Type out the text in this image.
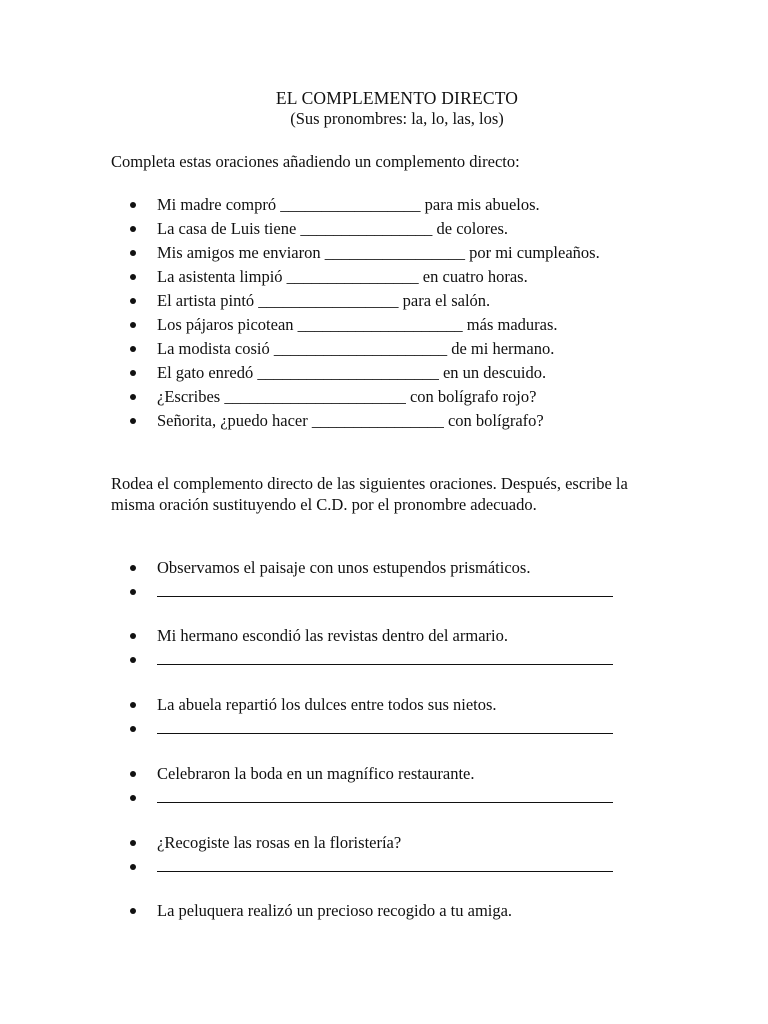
EL COMPLEMENTO DIRECTO
(Sus pronombres: la, lo, las, los)
Completa estas oraciones añadiendo un complemento directo:
Mi madre compró _________________ para mis abuelos.
La casa de Luis tiene ________________ de colores.
Mis amigos me enviaron _________________ por mi cumpleaños.
La asistenta limpió ________________ en cuatro horas.
El artista pintó _________________ para el salón.
Los pájaros picotean ____________________ más maduras.
La modista cosió _____________________ de mi hermano.
El gato enredó ______________________ en un descuido.
¿Escribes ______________________ con bolígrafo rojo?
Señorita, ¿puedo hacer ________________ con bolígrafo?
Rodea el complemento directo de las siguientes oraciones. Después, escribe la misma oración sustituyendo el C.D. por el pronombre adecuado.
Observamos el paisaje con unos estupendos prismáticos.
Mi hermano escondió las revistas dentro del armario.
La abuela repartió los dulces entre todos sus nietos.
Celebraron la boda en un magnífico restaurante.
¿Recogiste las rosas en la floristería?
La peluquera realizó un precioso recogido a tu amiga.
